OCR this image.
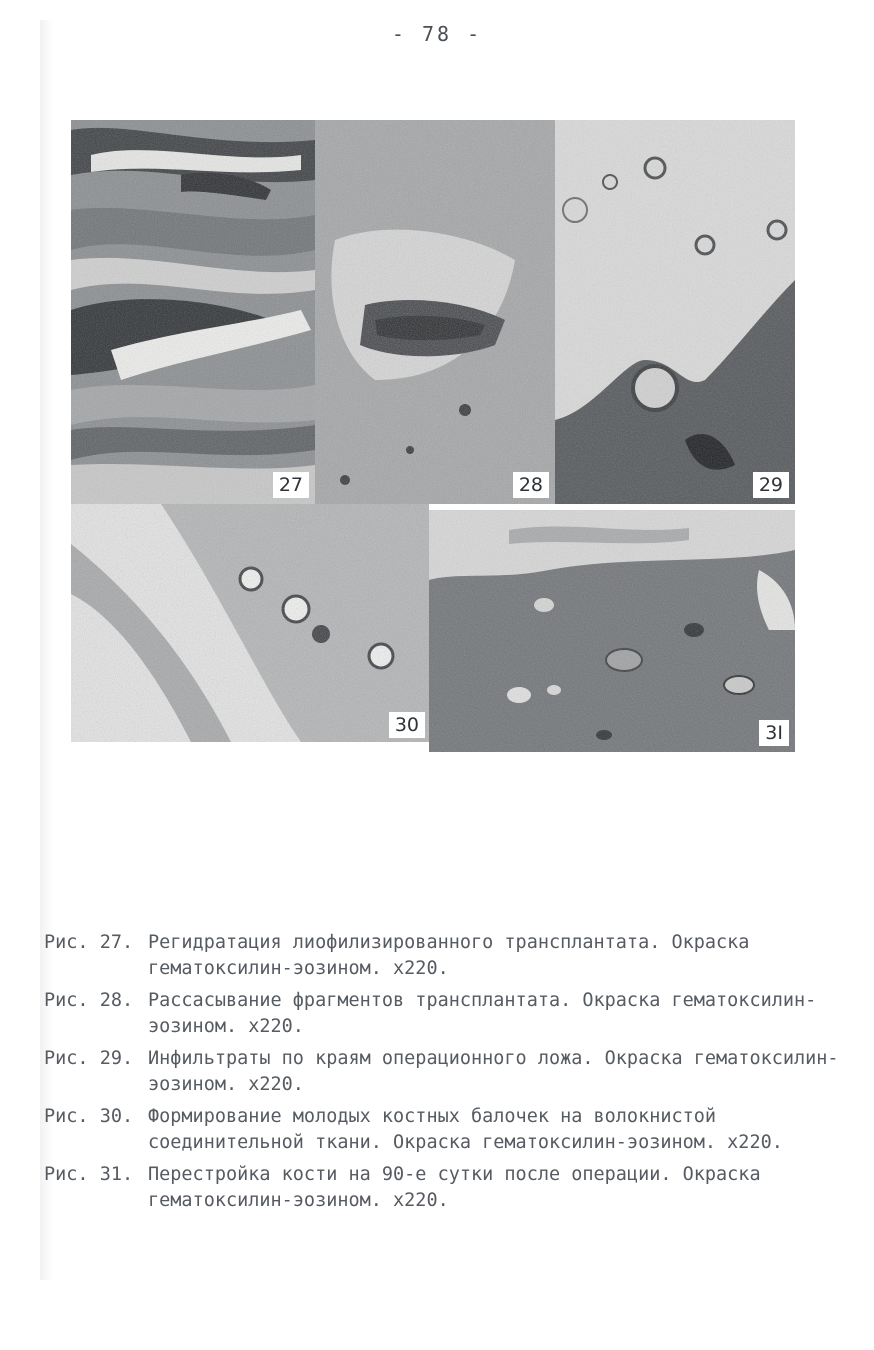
- 78 -
27	28	29
30	3I
Рис. 27. Регидратация лиофилизированного трансплантата. Окраска гематоксилин-эозином. х220.
Рис. 28. Рассасывание фрагментов трансплантата. Окраска гематоксилин-эозином. х220.
Рис. 29. Инфильтраты по краям операционного ложа. Окраска гематоксилин-эозином. х220.
Рис. 30. Формирование молодых костных балочек на волокнистой соединительной ткани. Окраска гематоксилин-эозином. х220.
Рис. 31. Перестройка кости на 90-е сутки после операции. Окраска гематоксилин-эозином. х220.
